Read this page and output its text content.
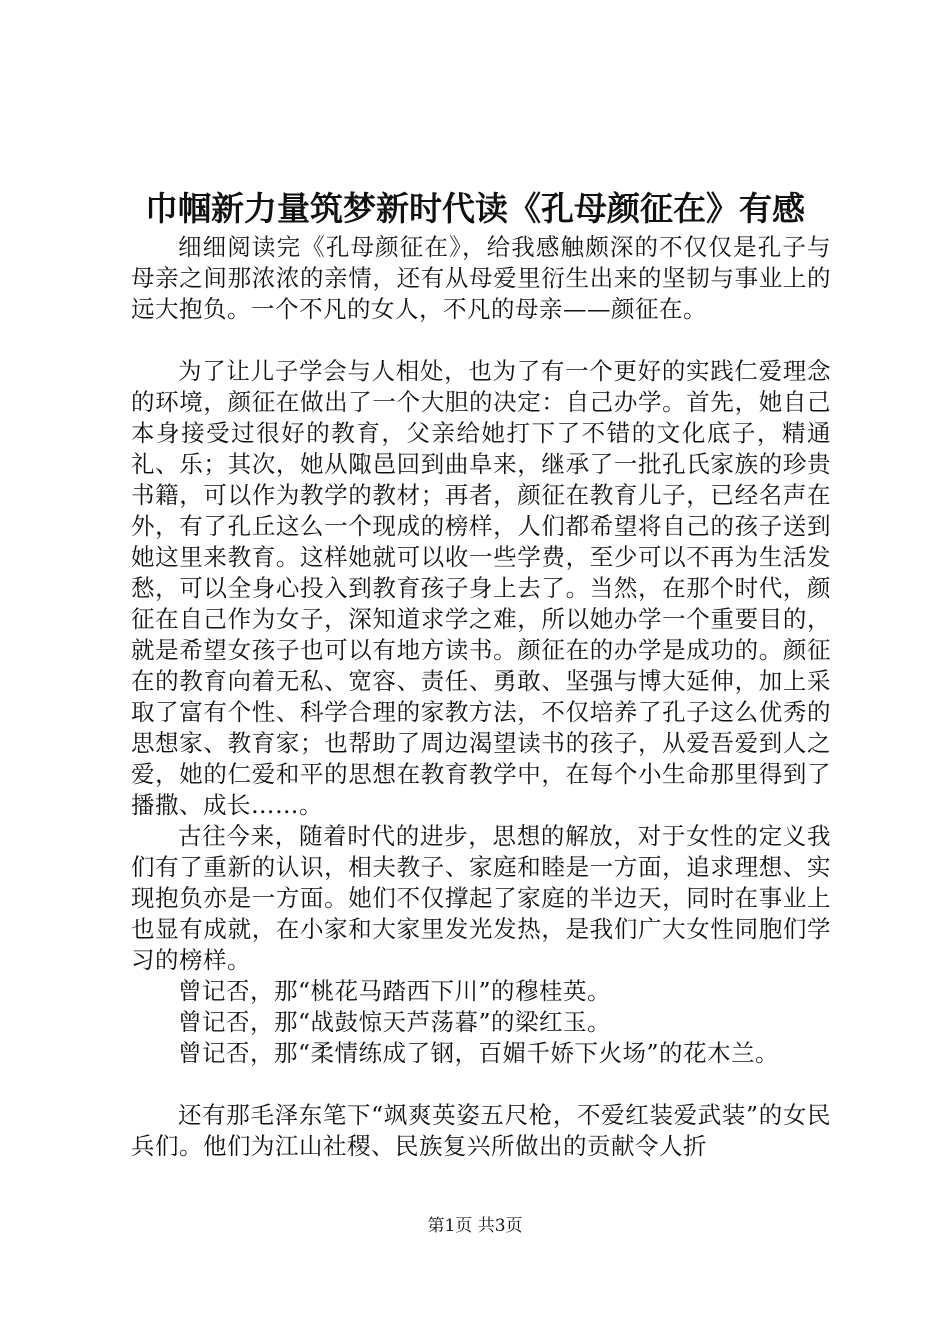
巾帼新力量筑梦新时代读《孔母颜征在》有感

细细阅读完《孔母颜征在》，给我感触颇深的不仅仅是孔子与母亲之间那浓浓的亲情，还有从母爱里衍生出来的坚韧与事业上的远大抱负。一个不凡的女人，不凡的母亲——颜征在。

为了让儿子学会与人相处，也为了有一个更好的实践仁爱理念的环境，颜征在做出了一个大胆的决定：自己办学。首先，她自己本身接受过很好的教育，父亲给她打下了不错的文化底子，精通礼、乐；其次，她从陬邑回到曲阜来，继承了一批孔氏家族的珍贵书籍，可以作为教学的教材；再者，颜征在教育儿子，已经名声在外，有了孔丘这么一个现成的榜样，人们都希望将自己的孩子送到她这里来教育。这样她就可以收一些学费，至少可以不再为生活发愁，可以全身心投入到教育孩子身上去了。当然，在那个时代，颜征在自己作为女子，深知道求学之难，所以她办学一个重要目的，就是希望女孩子也可以有地方读书。颜征在的办学是成功的。颜征在的教育向着无私、宽容、责任、勇敢、坚强与博大延伸，加上采取了富有个性、科学合理的家教方法，不仅培养了孔子这么优秀的思想家、教育家；也帮助了周边渴望读书的孩子，从爱吾爱到人之爱，她的仁爱和平的思想在教育教学中，在每个小生命那里得到了播撒、成长……。

古往今来，随着时代的进步，思想的解放，对于女性的定义我们有了重新的认识，相夫教子、家庭和睦是一方面，追求理想、实现抱负亦是一方面。她们不仅撑起了家庭的半边天，同时在事业上也显有成就，在小家和大家里发光发热，是我们广大女性同胞们学习的榜样。

曾记否，那“桃花马踏西下川”的穆桂英。

曾记否，那“战鼓惊天芦荡暮”的梁红玉。

曾记否，那“柔情练成了钢，百媚千娇下火场”的花木兰。

还有那毛泽东笔下“飒爽英姿五尺枪，不爱红装爱武装”的女民兵们。他们为江山社稷、民族复兴所做出的贡献令人折

第1页 共3页
